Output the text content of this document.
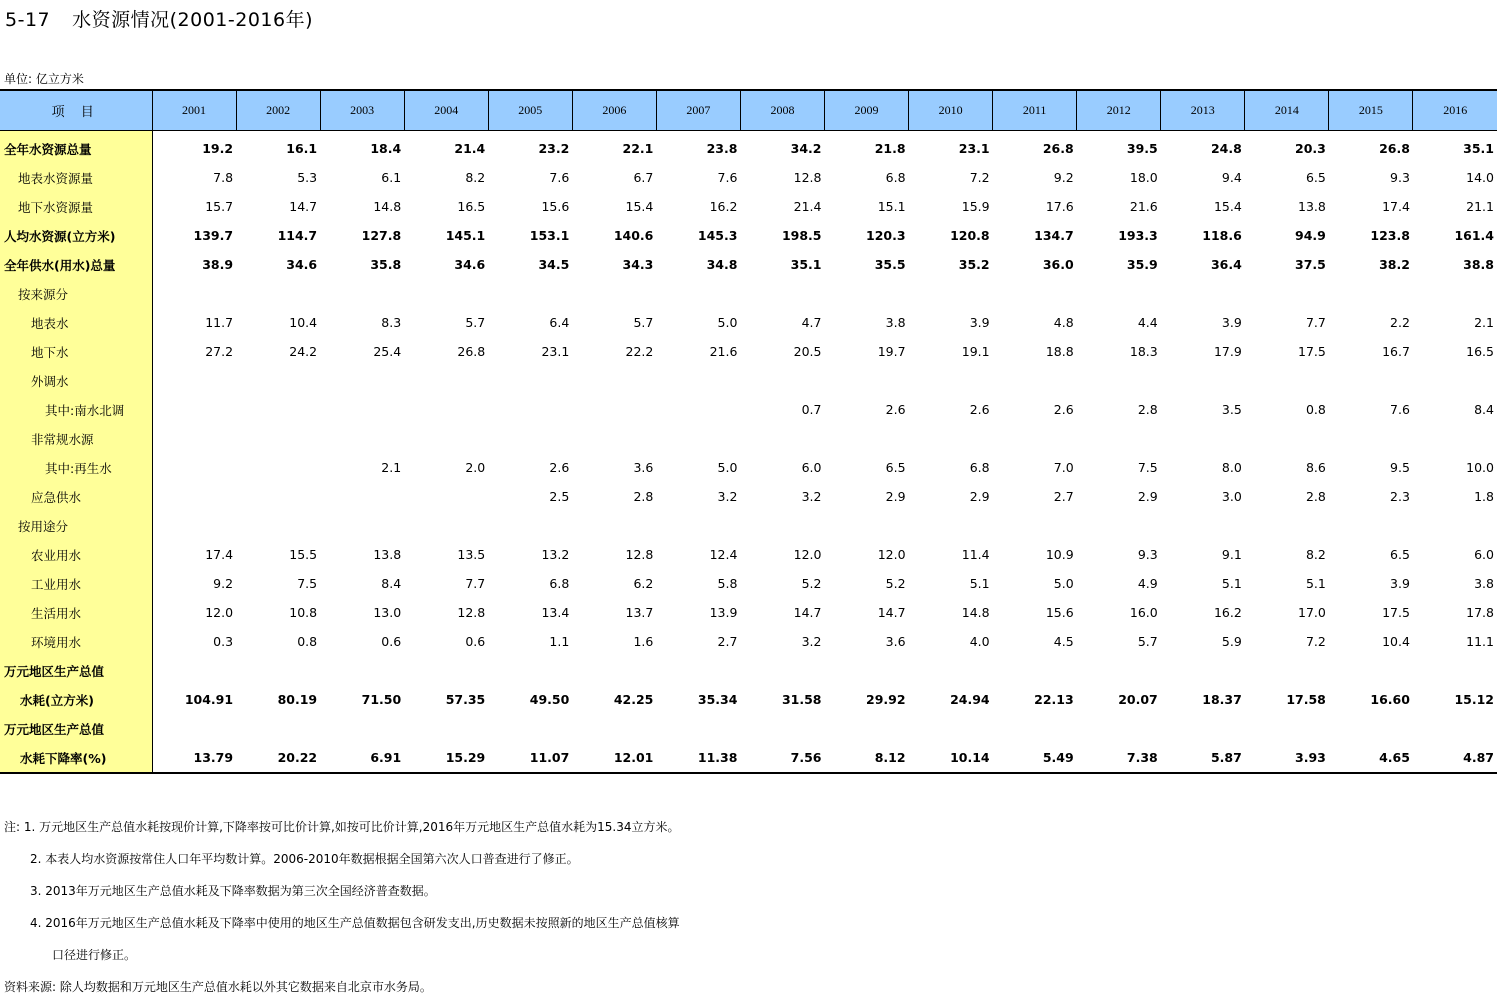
5-17 水资源情况(2001-2016年)
单位: 亿立方米
项 目	2001	2002	2003	2004	2005	2006	2007	2008	2009	2010	2011	2012	2013	2014	2015	2016
全年水资源总量	19.2	16.1	18.4	21.4	23.2	22.1	23.8	34.2	21.8	23.1	26.8	39.5	24.8	20.3	26.8	35.1
地表水资源量	7.8	5.3	6.1	8.2	7.6	6.7	7.6	12.8	6.8	7.2	9.2	18.0	9.4	6.5	9.3	14.0
地下水资源量	15.7	14.7	14.8	16.5	15.6	15.4	16.2	21.4	15.1	15.9	17.6	21.6	15.4	13.8	17.4	21.1
人均水资源(立方米)	139.7	114.7	127.8	145.1	153.1	140.6	145.3	198.5	120.3	120.8	134.7	193.3	118.6	94.9	123.8	161.4
全年供水(用水)总量	38.9	34.6	35.8	34.6	34.5	34.3	34.8	35.1	35.5	35.2	36.0	35.9	36.4	37.5	38.2	38.8
按来源分																
地表水	11.7	10.4	8.3	5.7	6.4	5.7	5.0	4.7	3.8	3.9	4.8	4.4	3.9	7.7	2.2	2.1
地下水	27.2	24.2	25.4	26.8	23.1	22.2	21.6	20.5	19.7	19.1	18.8	18.3	17.9	17.5	16.7	16.5
外调水																
其中:南水北调								0.7	2.6	2.6	2.6	2.8	3.5	0.8	7.6	8.4
非常规水源																
其中:再生水			2.1	2.0	2.6	3.6	5.0	6.0	6.5	6.8	7.0	7.5	8.0	8.6	9.5	10.0
应急供水					2.5	2.8	3.2	3.2	2.9	2.9	2.7	2.9	3.0	2.8	2.3	1.8
按用途分																
农业用水	17.4	15.5	13.8	13.5	13.2	12.8	12.4	12.0	12.0	11.4	10.9	9.3	9.1	8.2	6.5	6.0
工业用水	9.2	7.5	8.4	7.7	6.8	6.2	5.8	5.2	5.2	5.1	5.0	4.9	5.1	5.1	3.9	3.8
生活用水	12.0	10.8	13.0	12.8	13.4	13.7	13.9	14.7	14.7	14.8	15.6	16.0	16.2	17.0	17.5	17.8
环境用水	0.3	0.8	0.6	0.6	1.1	1.6	2.7	3.2	3.6	4.0	4.5	5.7	5.9	7.2	10.4	11.1
万元地区生产总值																
水耗(立方米)	104.91	80.19	71.50	57.35	49.50	42.25	35.34	31.58	29.92	24.94	22.13	20.07	18.37	17.58	16.60	15.12
万元地区生产总值																
水耗下降率(%)	13.79	20.22	6.91	15.29	11.07	12.01	11.38	7.56	8.12	10.14	5.49	7.38	5.87	3.93	4.65	4.87
注: 1. 万元地区生产总值水耗按现价计算,下降率按可比价计算,如按可比价计算,2016年万元地区生产总值水耗为15.34立方米。
2. 本表人均水资源按常住人口年平均数计算。2006-2010年数据根据全国第六次人口普查进行了修正。
3. 2013年万元地区生产总值水耗及下降率数据为第三次全国经济普查数据。
4. 2016年万元地区生产总值水耗及下降率中使用的地区生产总值数据包含研发支出,历史数据未按照新的地区生产总值核算
口径进行修正。
资料来源: 除人均数据和万元地区生产总值水耗以外其它数据来自北京市水务局。
